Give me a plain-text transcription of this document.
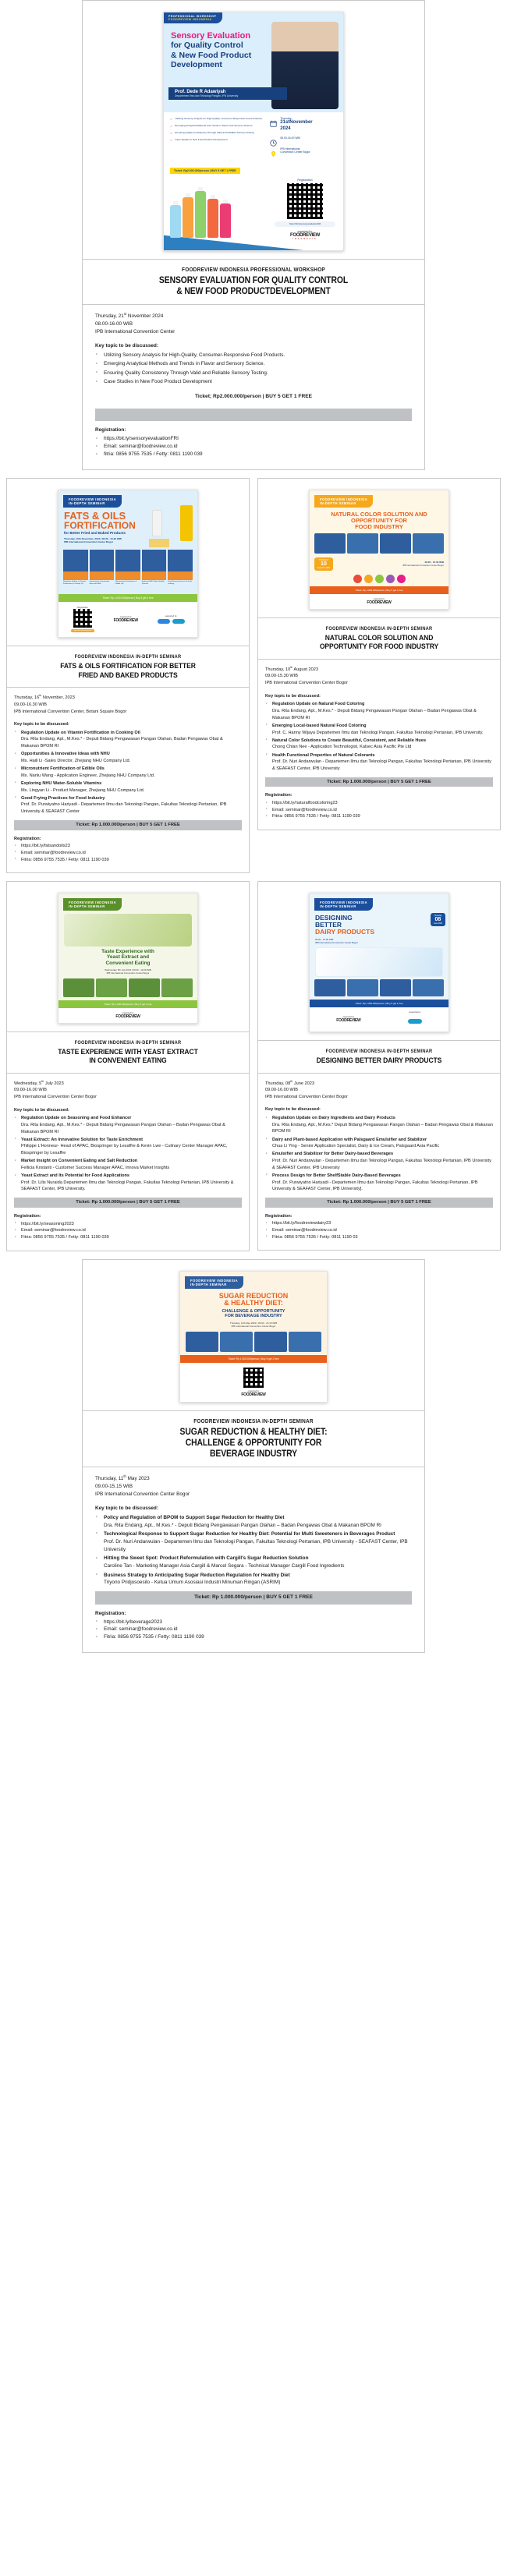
PROFESSIONAL WORKSHOP
FOODREVIEW INDONESIA
Sensory Evaluation
for Quality Control
& New Food Product
Development
Prof. Dede R Adawiyah
Departemen Ilmu dan Teknologi Pangan, IPB University
✓ Utilizing Sensory Analysis for High-Quality, Consumer-Responsive Food Products.
✓ Emerging Analytical Methods and Trends in Flavor and Sensory Science.
✓ Ensuring Quality Consistency Through Valid and Reliable Sensory Testing.
✓ Case Studies in New Food Product Development
Thursday,
21stNovember
2024
08.00-16.00 WIB
IPB International
Convention Center Bogor
Ticket: Rp2.000.000/person | BUY 5 GET 1 FREE
Registration
https://bit.ly/sensoryevaluationFRI
organized by:
FOODREVIEW
INDONESIA
FOODREVIEW INDONESIA PROFESSIONAL WORKSHOP
SENSORY EVALUATION FOR QUALITY CONTROL
& NEW FOOD PRODUCTDEVELOPMENT
Thursday, 21st November 2024
08.00-16.00 WIB
IPB International Convention Center
Key topic to be discussed:
· Utilizing Sensory Analysis for High-Quality, Consumer-Responsive Food Products.
· Emerging Analytical Methods and Trends in Flavor and Sensory Science.
· Ensuring Quality Consistency Through Valid and Reliable Sensory Testing.
· Case Studies in New Food Product Development
Ticket; Rp2.000.000/person | BUY 5 GET 1 FREE

Registration:
· https://bit.ly/sensoryevaluationFRI
· Email: seminar@foodreview.co.id
· fitria: 0856 9755 7535 / Fetty: 0811 1190 039
FOODREVIEW INDONESIA
IN-DEPTH SEMINAR
FATS & OILS
FORTIFICATION
for Better Fried and Baked Products
Thursday, 16th November, 2023 | 08.30 - 16.30 WIB
IPB International Convention Center Bogor
Regulation Update on Vitamin Fortification in Cooking Oil
Opportunities & Innovative Ideas with NHU
Micronutrient Fortification of Edible Oils
Exploring NHU Water-Soluble Vitamins
Good Frying Practices for Food Industry
Ticket: Rp 1.000.000/person | Buy 5 get 1 free
Registration
https://bit.ly/fatsandoils23
organized by
FOODREVIEW
supported by
FOODREVIEW INDONESIA IN-DEPTH SEMINAR
FATS & OILS FORTIFICATION FOR BETTER
FRIED AND BAKED PRODUCTS
Thursday, 16th November, 2023
09.00-16.30 WIB
IPB International Convention Center, Botani Square Bogor
Key topic to be discussed:
· Regulation Update on Vitamin Fortification in Cooking Oil
Dra. Rita Endang, Apt., M.Kes.* - Deputi Bidang Pengawasan Pangan Olahan, Badan Pengawas Obat & Makanan BPOM RI
· Opportunities & Innovative Ideas with NHU
Ms. Haili Li -Sales Director, Zhejiang NHU Company Ltd.
· Micronutrient Fortification of Edible Oils
Ms. Nanlu Wang - Application Engineer, Zhejiang NHU Company Ltd.
· Exploring NHU Water-Soluble Vitamins
Ms. Lingyan Li - Product Manager, Zhejiang NHU Company Ltd.
· Good Frying Practices for Food Industry
Prof. Dr. Purwiyatno Hariyadi - Departemen Ilmu dan Teknologi Pangan, Fakultas Teknologi Pertanian, IPB University & SEAFAST Center
Ticket: Rp 1.000.000/person | BUY 5 GET 1 FREE
Registration:
· https://bit.ly/fatsandoils23
· Email: seminar@foodreview.co.id
· Fitria: 0856 9755 7535 / Fetty: 0811 1190 039
FOODREVIEW INDONESIA
IN-DEPTH SEMINAR
NATURAL COLOR SOLUTION AND
OPPORTUNITY FOR
FOOD INDUSTRY
THURSDAY
10
AUGUST 2023
09.00 - 15.30 WIB
IPB International Convention Center Bogor
Ticket: Rp 1.000.000/person | Buy 5 get 1 free
organized by
FOODREVIEW
FOODREVIEW INDONESIA IN-DEPTH SEMINAR
NATURAL COLOR SOLUTION AND
OPPORTUNITY FOR FOOD INDUSTRY
Thursday, 10th August 2023
09.00-15.30 WIB
IPB International Convention Center Bogor
Key topic to be discussed:
· Regulation Update on Natural Food Coloring
Dra. Rita Endang, Apt., M.Kes.* - Deputi Bidang Pengawasan Pangan Olahan – Badan Pengawas Obat & Makanan BPOM RI
· Emerging Local-based Natural Food Coloring
Prof. C. Hanny Wijaya Departemen Ilmu dan Teknologi Pangan, Fakultas Teknologi Pertanian, IPB University.
· Natural Color Solutions to Create Beautiful, Consistent, and Reliable Hues
Chong Chian Nee - Application Technologist, Kalsec Asia Pacific Pte Ltd
· Health Functional Properties of Natural Colorants
Prof. Dr. Nuri Andarwulan - Departemen Ilmu dan Teknologi Pangan, Fakultas Teknologi Pertanian, IPB University & SEAFAST Center, IPB University
Ticket: Rp 1.000.000/person | BUY 5 GET 1 FREE
Registration:
· https://bit.ly/naturalfoodcoloring23
· Email: seminar@foodreview.co.id
· Fitria: 0856 9755 7535 / Fetty: 0811 1190 039
FOODREVIEW INDONESIA
IN-DEPTH SEMINAR
Taste Experience with
Yeast Extract and
Convenient Eating
Wednesday, 5th July 2023 | 09.00 - 16.00 WIB
IPB International Convention Center Bogor
Ticket: Rp 1.000.000/person | Buy 5 get 1 free
organized by
FOODREVIEW
FOODREVIEW INDONESIA IN-DEPTH SEMINAR
TASTE EXPERIENCE WITH YEAST EXTRACT
IN CONVENIENT EATING
Wednesday, 5th July 2023
09.00-16.00 WIB
IPB International Convention Center Bogor
Key topic to be discussed:
· Regulation Update on Seasoning and Food Enhancer
Dra. Rita Endang, Apt., M.Kes.* - Deputi Bidang Pengawasan Pangan Olahan – Badan Pengawas Obat & Makanan BPOM RI
· Yeast Extract: An Innovative Solution for Taste Enrichment
Philippe L'Honneur- Head of APAC, Biospringer by Lesaffre & Kevin Lwe - Culinary Center Manager APAC, Biospringer by Lesaffre
· Market Insight on Convenient Eating and Salt Reduction
Fellicia Kristanti - Customer Success Manager APAC, Innova Market Insights
· Yeast Extract and Its Potential for Food Applications
Prof. Dr. Lilis Nuraida Departemen Ilmu dan Teknologi Pangan, Fakultas Teknologi Pertanian, IPB University & SEAFAST Center, IPB University.
Ticket: Rp 1.000.000/person | BUY 5 GET 1 FREE
Registration:
· https://bit.ly/seasoning2023
· Email: seminar@foodreview.co.id
· Fitria: 0856 9755 7535 / Fetty: 0811 1190 039
FOODREVIEW INDONESIA
IN-DEPTH SEMINAR
Thursday
08
June 2023
DESIGNING
BETTER
DAIRY PRODUCTS
09.00 - 16.00 WIB
IPB International Convention Center Bogor
Ticket: Rp 1.000.000/person | Buy 5 get 1 free
organized by
FOODREVIEW
supported by
FOODREVIEW INDONESIA IN-DEPTH SEMINAR
DESIGNING BETTER DAIRY PRODUCTS
Thursday, 08th June 2023
09.00-16.00 WIB
IPB International Convention Center Bogor
Key topic to be discussed:
· Regulation Update on Dairy Ingredients and Dairy Products
Dra. Rita Endang, Apt., M.Kes.* Deputi Bidang Pengawasan Pangan Olahan – Badan Pengawas Obat & Makanan BPOM RI
· Dairy and Plant-based Application with Palsgaard Emulsifier and Stabilizer
Chua Li Ying - Senior Application Specialist, Dairy & Ice Cream, Palsgaard Asia Pacific
· Emulsifier and Stabilizer for Better Dairy-based Beverages
Prof. Dr. Nuri Andarwulan - Departemen Ilmu dan Teknologi Pangan, Fakultas Teknologi Pertanian, IPB University & SEAFAST Center, IPB University
· Process Design for Better ShelfStable Dairy-Based Beverages
Prof. Dr. Purwiyatno Hariyadi - Departemen Ilmu dan Teknologi Pangan, Fakultas Teknologi Pertanian, IPB University & SEAFAST Center, IPB University].
Ticket: Rp 1.000.000/person | BUY 5 GET 1 FREE
Registration:
· https://bit.ly/foodreviewdairy23
· Email: seminar@foodreview.co.id
· Fitria: 0856 9755 7535 / Fetty: 0811 1190 03
FOODREVIEW INDONESIA
IN-DEPTH SEMINAR
SUGAR REDUCTION
& HEALTHY DIET:
CHALLENGE & OPPORTUNITY
FOR BEVERAGE INDUSTRY
Thursday, 11th May 2023 | 09.00 - 15.15 WIB
IPB International Convention Center Bogor
Ticket: Rp 1.000.000/person | Buy 5 get 1 free
organized by
FOODREVIEW
FOODREVIEW INDONESIA IN-DEPTH SEMINAR
SUGAR REDUCTION & HEALTHY DIET:
CHALLENGE & OPPORTUNITY FOR
BEVERAGE INDUSTRY
Thursday, 11th May 2023
09.00-15.15 WIB
IPB International Convention Center Bogor
Key topic to be discussed:
· Policy and Regulation of BPOM to Support Sugar Reduction for Healthy Diet
Dra. Rita Endang, Apt., M.Kes.* - Deputi Bidang Pengawasan Pangan Olahan – Badan Pengawas Obat & Makanan BPOM RI
· Technological Response to Support Sugar Reduction for Healthy Diet: Potential for Multi Sweeteners in Beverages Product
Prof. Dr. Nuri Andarwulan - Departemen Ilmu dan Teknologi Pangan, Fakultas Teknologi Pertanian, IPB University - SEAFAST Center, IPB University
· Hitting the Sweet Spot: Product Reformulation with Cargill's Sugar Reduction Solution
Caroline Tan - Marketing Manager Asia Cargill & Marcel Segara - Technical Manager Cargill Food Ingredients
· Business Strategy to Anticipating Sugar Reduction Regulation for Healthy Diet
Triyono Pridjosoesilo - Ketua Umum Asosiasi Industri Minuman Ringan (ASRIM)
Ticket: Rp 1.000.000/person | BUY 5 GET 1 FREE
Registration:
· https://bit.ly/beverage2023
· Email: seminar@foodreview.co.id
· Fitria: 0856 9755 7535 / Fetty: 0811 1190 039
